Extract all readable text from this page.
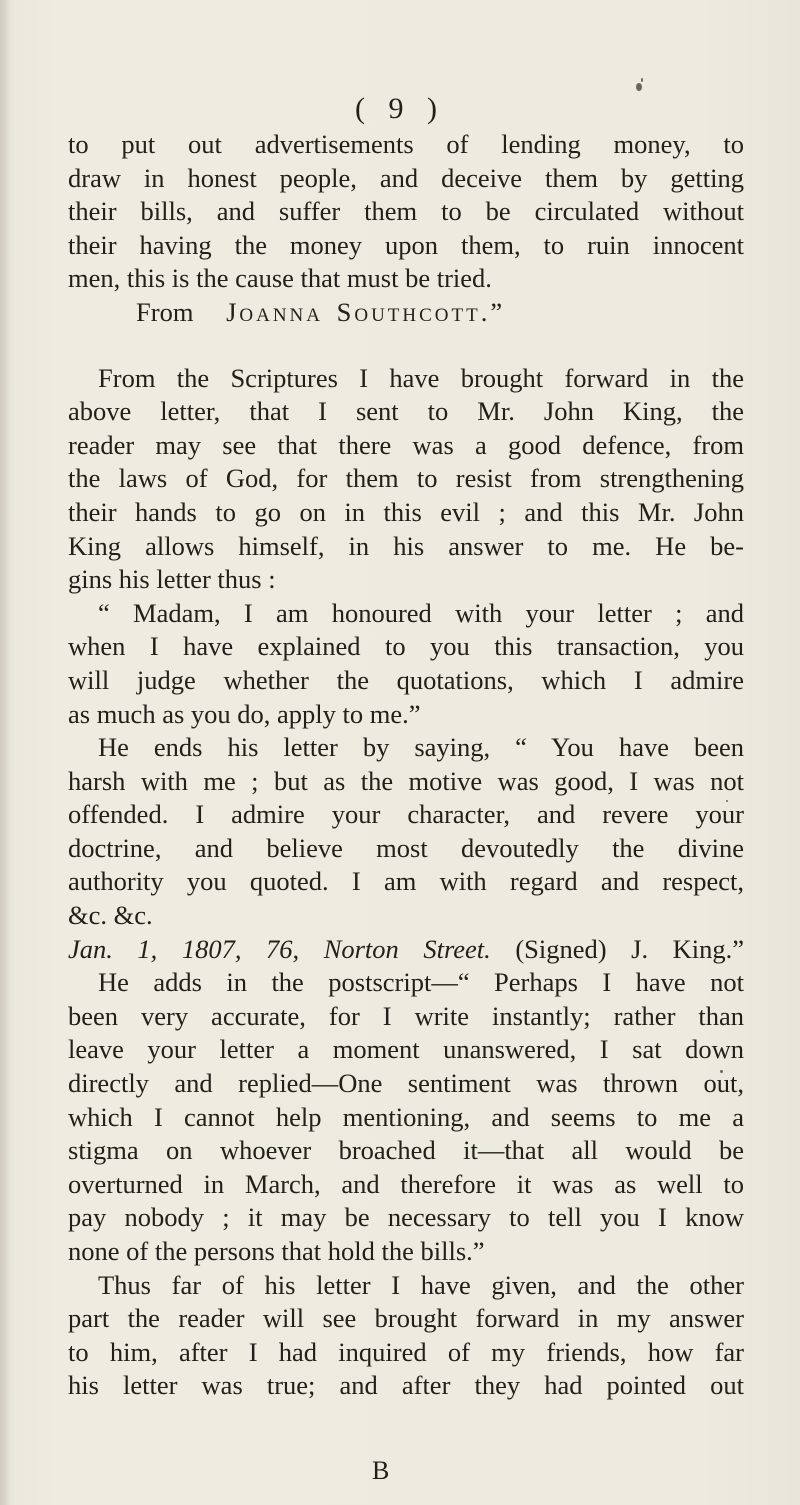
( 9 )
to put out advertisements of lending money, to
draw in honest people, and deceive them by getting
their bills, and suffer them to be circulated without
their having the money upon them, to ruin innocent
men, this is the cause that must be tried.
From Joanna Southcott.”
From the Scriptures I have brought forward in the
above letter, that I sent to Mr. John King, the
reader may see that there was a good defence, from
the laws of God, for them to resist from strengthening
their hands to go on in this evil ; and this Mr. John
King allows himself, in his answer to me. He be-
gins his letter thus :
“ Madam, I am honoured with your letter ; and
when I have explained to you this transaction, you
will judge whether the quotations, which I admire
as much as you do, apply to me.”
He ends his letter by saying, “ You have been
harsh with me ; but as the motive was good, I was not
offended. I admire your character, and revere your
doctrine, and believe most devoutedly the divine
authority you quoted. I am with regard and respect,
&c. &c.
Jan. 1, 1807, 76, Norton Street. (Signed) J. King.”
He adds in the postscript—“ Perhaps I have not
been very accurate, for I write instantly; rather than
leave your letter a moment unanswered, I sat down
directly and replied—One sentiment was thrown out,
which I cannot help mentioning, and seems to me a
stigma on whoever broached it—that all would be
overturned in March, and therefore it was as well to
pay nobody ; it may be necessary to tell you I know
none of the persons that hold the bills.”
Thus far of his letter I have given, and the other
part the reader will see brought forward in my answer
to him, after I had inquired of my friends, how far
his letter was true; and after they had pointed out
B
